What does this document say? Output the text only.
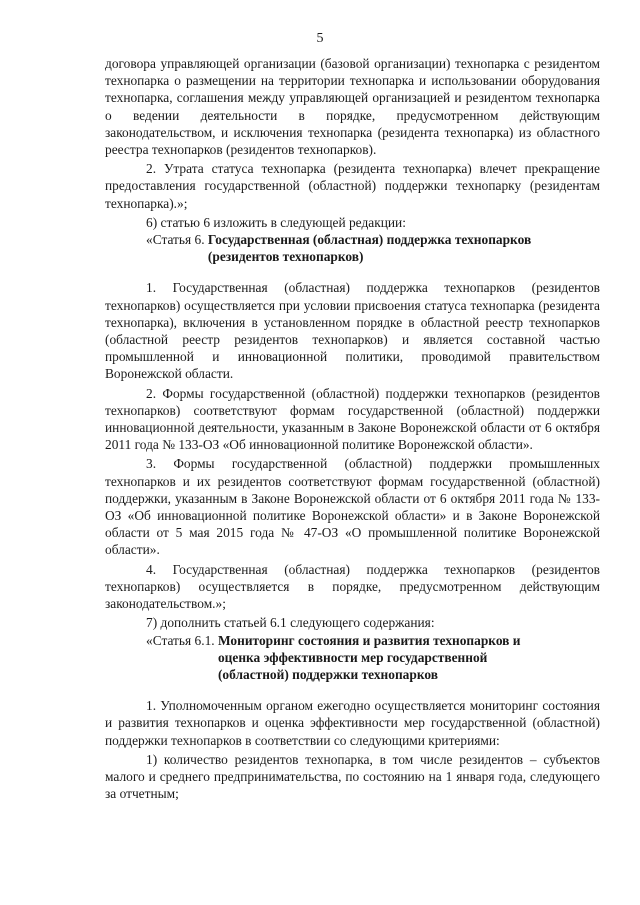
5

договора управляющей организации (базовой организации) технопарка с резидентом технопарка о размещении на территории технопарка и использовании оборудования технопарка, соглашения между управляющей организацией и резидентом технопарка о ведении деятельности в порядке, предусмотренном действующим законодательством, и исключения технопарка (резидента технопарка) из областного реестра технопарков (резидентов технопарков).

2. Утрата статуса технопарка (резидента технопарка) влечет прекращение предоставления государственной (областной) поддержки технопарку (резидентам технопарка).»;

6) статью 6 изложить в следующей редакции:

«Статья 6. Государственная (областная) поддержка технопарков
(резидентов технопарков)

1. Государственная (областная) поддержка технопарков (резидентов технопарков) осуществляется при условии присвоения статуса технопарка (резидента технопарка), включения в установленном порядке в областной реестр технопарков (областной реестр резидентов технопарков) и является составной частью промышленной и инновационной политики, проводимой правительством Воронежской области.

2. Формы государственной (областной) поддержки технопарков (резидентов технопарков) соответствуют формам государственной (областной) поддержки инновационной деятельности, указанным в Законе Воронежской области от 6 октября 2011 года № 133-ОЗ «Об инновационной политике Воронежской области».

3. Формы государственной (областной) поддержки промышленных технопарков и их резидентов соответствуют формам государственной (областной) поддержки, указанным в Законе Воронежской области от 6 октября 2011 года № 133-ОЗ «Об инновационной политике Воронежской области» и в Законе Воронежской области от 5 мая 2015 года № 47-ОЗ «О промышленной политике Воронежской области».

4. Государственная (областная) поддержка технопарков (резидентов технопарков) осуществляется в порядке, предусмотренном действующим законодательством.»;

7) дополнить статьей 6.1 следующего содержания:

«Статья 6.1. Мониторинг состояния и развития технопарков и
оценка эффективности мер государственной
(областной) поддержки технопарков

1. Уполномоченным органом ежегодно осуществляется мониторинг состояния и развития технопарков и оценка эффективности мер государственной (областной) поддержки технопарков в соответствии со следующими критериями:

1) количество резидентов технопарка, в том числе резидентов – субъектов малого и среднего предпринимательства, по состоянию на 1 января года, следующего за отчетным;
